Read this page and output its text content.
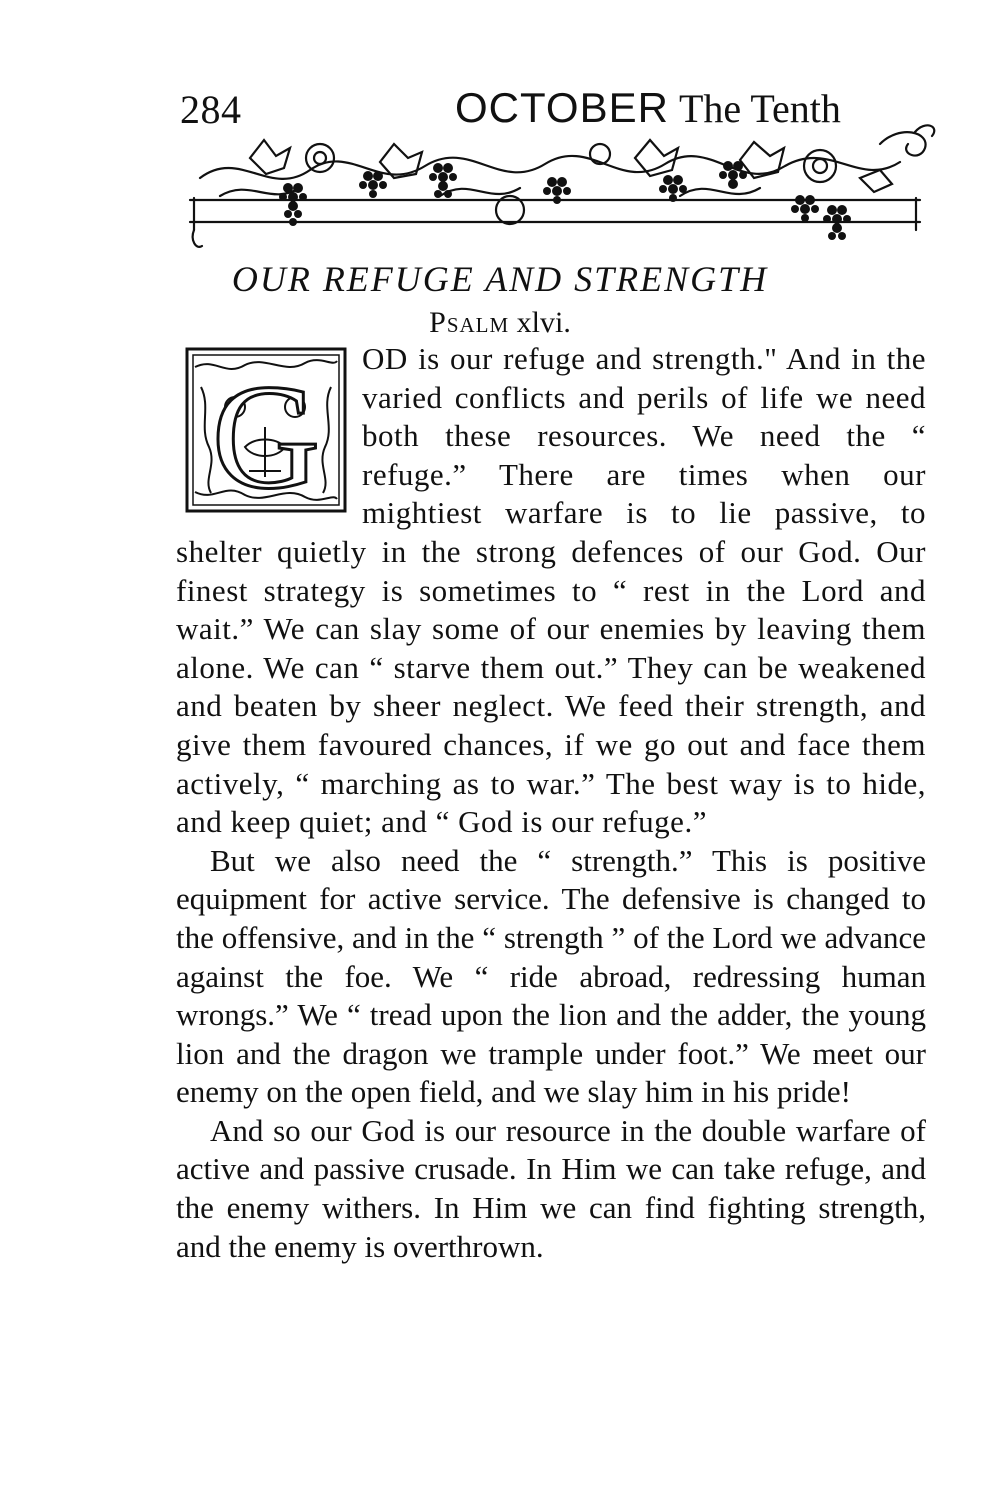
284	OCTOBER The Tenth
OUR REFUGE AND STRENGTH
Psalm xlvi.
G	OD is our refuge and strength." And in the varied conflicts and perils of life we need both these resources. We need the “ refuge.” There are times when our mightiest warfare is to lie passive, to shelter quietly in the strong defences of our God. Our finest strategy is sometimes to “ rest in the Lord and wait.” We can slay some of our enemies by leaving them alone. We can “ starve them out.” They can be weakened and beaten by sheer neglect. We feed their strength, and give them favoured chances, if we go out and face them actively, “ marching as to war.” The best way is to hide, and keep quiet; and “ God is our refuge.”

But we also need the “ strength.” This is positive equipment for active service. The defensive is changed to the offensive, and in the “ strength ” of the Lord we advance against the foe. We “ ride abroad, redressing human wrongs.” We “ tread upon the lion and the adder, the young lion and the dragon we trample under foot.” We meet our enemy on the open field, and we slay him in his pride!

And so our God is our resource in the double warfare of active and passive crusade. In Him we can take refuge, and the enemy withers. In Him we can find fighting strength, and the enemy is overthrown.
